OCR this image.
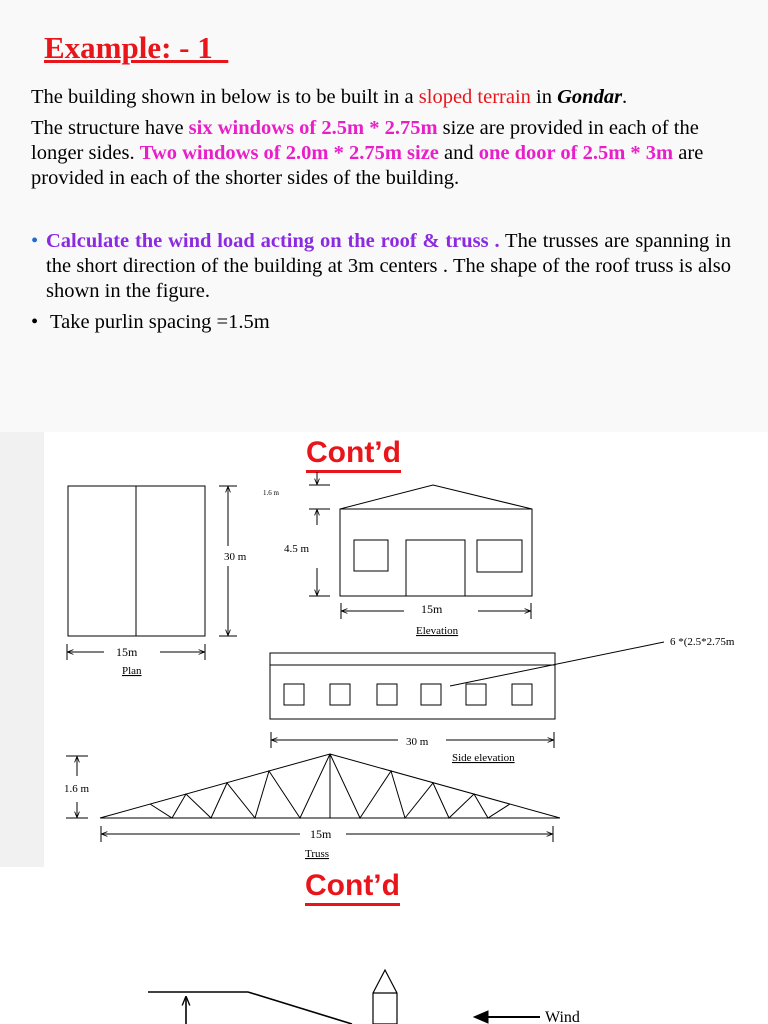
Example: - 1
The building shown in below is to be built in a sloped terrain in Gondar.
The structure have six windows of 2.5m * 2.75m size are provided in each of the longer sides. Two windows of 2.0m * 2.75m size and one door of 2.5m * 3m are provided in each of the shorter sides of the building.
• Calculate the wind load acting on the roof & truss . The trusses are spanning in the short direction of the building at 3m centers . The shape of the roof truss is also shown in the figure.
• Take purlin spacing =1.5m
Cont’d
30 m
15m
Plan
1.6 m
4.5 m
15m
Elevation
6 *(2.5*2.75m
30 m
Side elevation
1.6 m
15m
Truss
Wind
Cont’d
